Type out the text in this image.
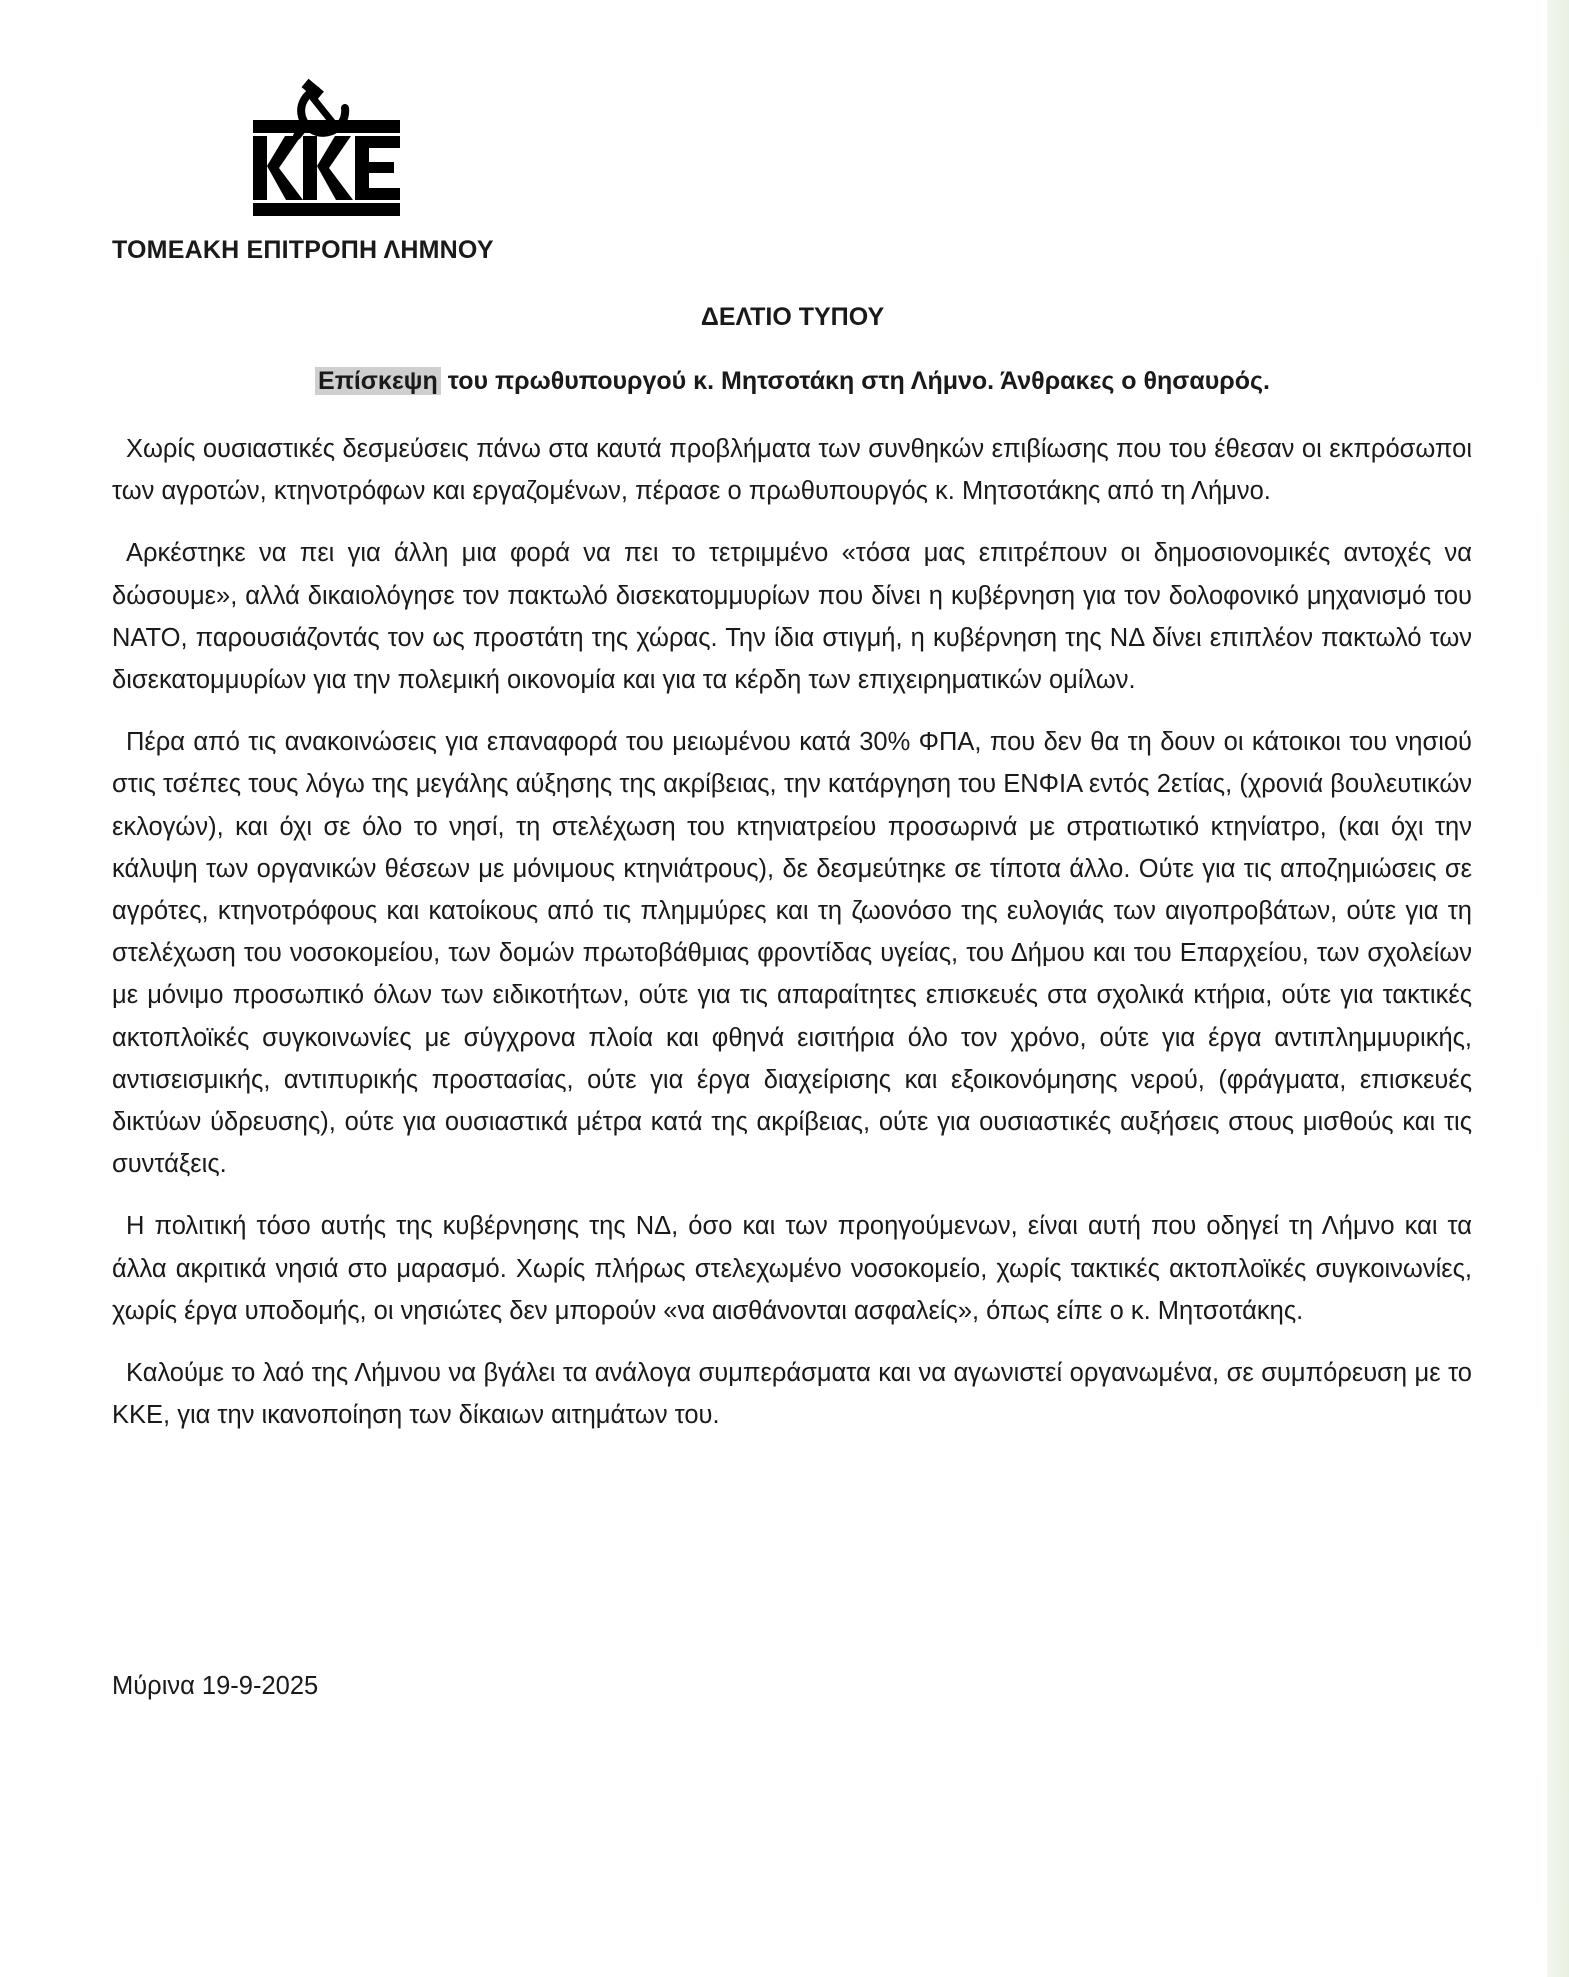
ΤΟΜΕΑΚΗ ΕΠΙΤΡΟΠΗ ΛΗΜΝΟΥ
ΔΕΛΤΙΟ ΤΥΠΟΥ
Επίσκεψη του πρωθυπουργού κ. Μητσοτάκη στη Λήμνο. Άνθρακες ο θησαυρός.

Χωρίς ουσιαστικές δεσμεύσεις πάνω στα καυτά προβλήματα των συνθηκών επιβίωσης που του έθεσαν οι εκπρόσωποι των αγροτών, κτηνοτρόφων και εργαζομένων, πέρασε ο πρωθυπουργός κ. Μητσοτάκης από τη Λήμνο.

Αρκέστηκε να πει για άλλη μια φορά να πει το τετριμμένο «τόσα μας επιτρέπουν οι δημοσιονομικές αντοχές να δώσουμε», αλλά δικαιολόγησε τον πακτωλό δισεκατομμυρίων που δίνει η κυβέρνηση για τον δολοφονικό μηχανισμό του ΝΑΤΟ, παρουσιάζοντάς τον ως προστάτη της χώρας. Την ίδια στιγμή, η κυβέρνηση της ΝΔ δίνει επιπλέον πακτωλό των δισεκατομμυρίων για την πολεμική οικονομία και για τα κέρδη των επιχειρηματικών ομίλων.

Πέρα από τις ανακοινώσεις για επαναφορά του μειωμένου κατά 30% ΦΠΑ, που δεν θα τη δουν οι κάτοικοι του νησιού στις τσέπες τους λόγω της μεγάλης αύξησης της ακρίβειας, την κατάργηση του ΕΝΦΙΑ εντός 2ετίας, (χρονιά βουλευτικών εκλογών), και όχι σε όλο το νησί, τη στελέχωση του κτηνιατρείου προσωρινά με στρατιωτικό κτηνίατρο, (και όχι την κάλυψη των οργανικών θέσεων με μόνιμους κτηνιάτρους), δε δεσμεύτηκε σε τίποτα άλλο. Ούτε για τις αποζημιώσεις σε αγρότες, κτηνοτρόφους και κατοίκους από τις πλημμύρες και τη ζωονόσο της ευλογιάς των αιγοπροβάτων, ούτε για τη στελέχωση του νοσοκομείου, των δομών πρωτοβάθμιας φροντίδας υγείας, του Δήμου και του Επαρχείου, των σχολείων με μόνιμο προσωπικό όλων των ειδικοτήτων, ούτε για τις απαραίτητες επισκευές στα σχολικά κτήρια, ούτε για τακτικές ακτοπλοϊκές συγκοινωνίες με σύγχρονα πλοία και φθηνά εισιτήρια όλο τον χρόνο, ούτε για έργα αντιπλημμυρικής, αντισεισμικής, αντιπυρικής προστασίας, ούτε για έργα διαχείρισης και εξοικονόμησης νερού, (φράγματα, επισκευές δικτύων ύδρευσης), ούτε για ουσιαστικά μέτρα κατά της ακρίβειας, ούτε για ουσιαστικές αυξήσεις στους μισθούς και τις συντάξεις.

Η πολιτική τόσο αυτής της κυβέρνησης της ΝΔ, όσο και των προηγούμενων, είναι αυτή που οδηγεί τη Λήμνο και τα άλλα ακριτικά νησιά στο μαρασμό. Χωρίς πλήρως στελεχωμένο νοσοκομείο, χωρίς τακτικές ακτοπλοϊκές συγκοινωνίες, χωρίς έργα υποδομής, οι νησιώτες δεν μπορούν «να αισθάνονται ασφαλείς», όπως είπε ο κ. Μητσοτάκης.

Καλούμε το λαό της Λήμνου να βγάλει τα ανάλογα συμπεράσματα και να αγωνιστεί οργανωμένα, σε συμπόρευση με το ΚΚΕ, για την ικανοποίηση των δίκαιων αιτημάτων του.

Μύρινα 19-9-2025
